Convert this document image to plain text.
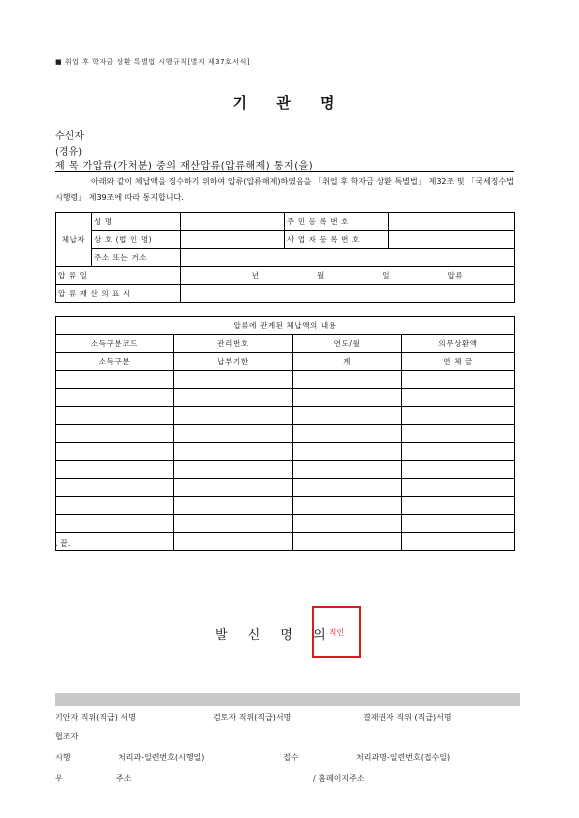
■ 취업 후 학자금 상환 특별법 시행규칙[별지 제37호서식]
기 관 명
수신자
(경유)
제 목 가압류(가처분) 중의 재산압류(압류해제) 통지(을)
아래와 같이 체납액을 징수하기 위하여 압류(압류해제)하였음을 「취업 후 학자금 상환 특별법」 제32조 및 「국세징수법 시행령」 제39조에 따라 통지합니다.
체납자	성 명		주 민 등 록 번 호	
	상 호 (법 인 명)		사 업 자 등 록 번 호	
	주소 또는 거소			
압 류 일		년 월 일 압류		

압 류 재 산 의 표 시				
압류에 관계된 체납액의 내용			
소득구분코드	관리번호	연도/월	의무상환액
소득구분	납부기한	계	연 체 금

. 끝.
발 신 명 의
직인
기안자 직위(직급) 서명	검토자 직위(직급)서명	결재권자 직위 (직급)서명
협조자
시행	처리과-일련번호(시행일)	접수	처리과명-일련번호(접수일)
우	주소	/ 홈페이지주소
